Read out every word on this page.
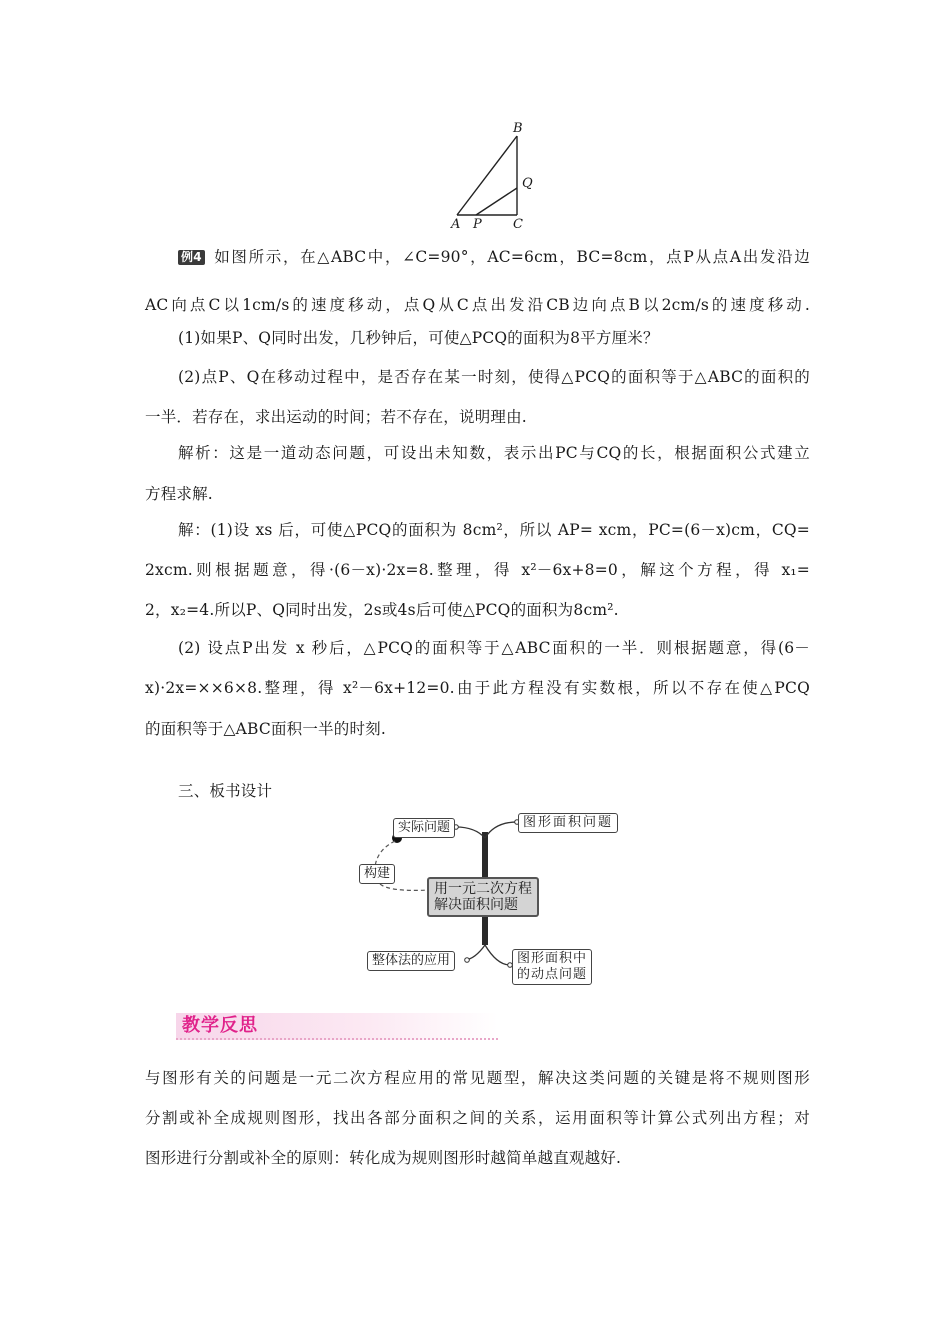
B
Q
A P C
例4 如图所示，在△ABC中，∠C=90°，AC=6cm，BC=8cm，点P从点A出发沿边
AC向点C以1cm/s的速度移动，点Q从C点出发沿CB边向点B以2cm/s的速度移动.
(1)如果P、Q同时出发，几秒钟后，可使△PCQ的面积为8平方厘米？
(2)点P、Q在移动过程中，是否存在某一时刻，使得△PCQ的面积等于△ABC的面积的
一半．若存在，求出运动的时间；若不存在，说明理由.
解析：这是一道动态问题，可设出未知数，表示出PC与CQ的长，根据面积公式建立
方程求解.
解：(1)设 xs 后，可使△PCQ的面积为 8cm²，所以 AP= xcm，PC=(6－x)cm，CQ=
2xcm.则根据题意，得·(6－x)·2x=8.整理，得 x²－6x+8=0，解这个方程，得 x₁=
2，x₂=4.所以P、Q同时出发，2s或4s后可使△PCQ的面积为8cm².
(2) 设点P出发 x 秒后，△PCQ的面积等于△ABC面积的一半．则根据题意，得(6－
x)·2x=××6×8.整理，得 x²－6x+12=0.由于此方程没有实数根，所以不存在使△PCQ
的面积等于△ABC面积一半的时刻.
三、板书设计
实际问题
构建
图形面积问题
用一元二次方程
解决面积问题
整体法的应用	图形面积中
的动点问题
教学反思
与图形有关的问题是一元二次方程应用的常见题型，解决这类问题的关键是将不规则图形
分割或补全成规则图形，找出各部分面积之间的关系，运用面积等计算公式列出方程；对
图形进行分割或补全的原则：转化成为规则图形时越简单越直观越好.
